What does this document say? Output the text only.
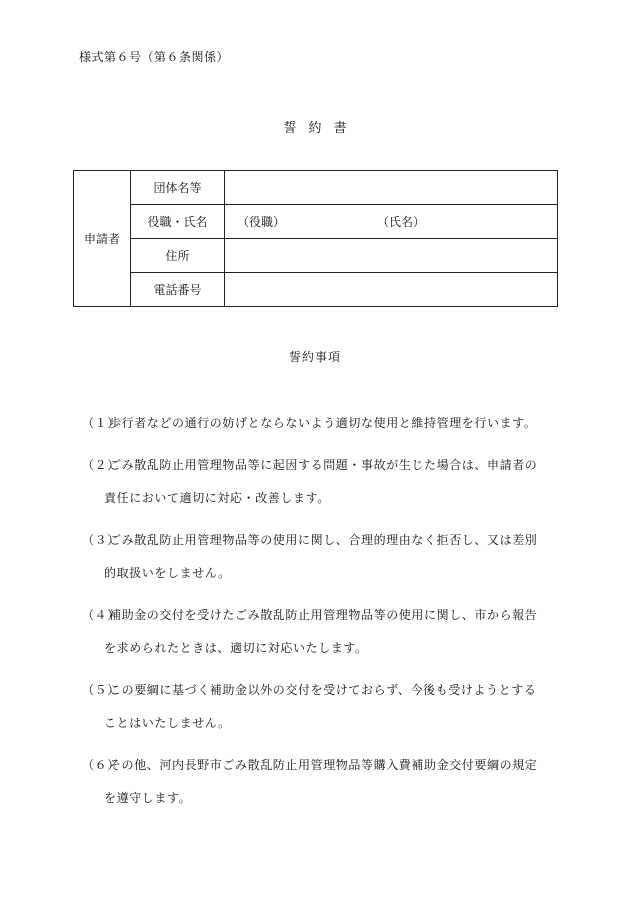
様式第６号（第６条関係）
誓約書
申請者	団体名等	
	役職・氏名	（役職） （氏名）

	住所	
	電話番号	
誓約事項
（１）歩行者などの通行の妨げとならないよう適切な使用と維持管理を行います。
（２）ごみ散乱防止用管理物品等に起因する問題・事故が生じた場合は、申請者の
責任において適切に対応・改善します。
（３）ごみ散乱防止用管理物品等の使用に関し、合理的理由なく拒否し、又は差別
的取扱いをしません。
（４）補助金の交付を受けたごみ散乱防止用管理物品等の使用に関し、市から報告
を求められたときは、適切に対応いたします。
（５）この要綱に基づく補助金以外の交付を受けておらず、今後も受けようとする
ことはいたしません。
（６）その他、河内長野市ごみ散乱防止用管理物品等購入費補助金交付要綱の規定
を遵守します。
